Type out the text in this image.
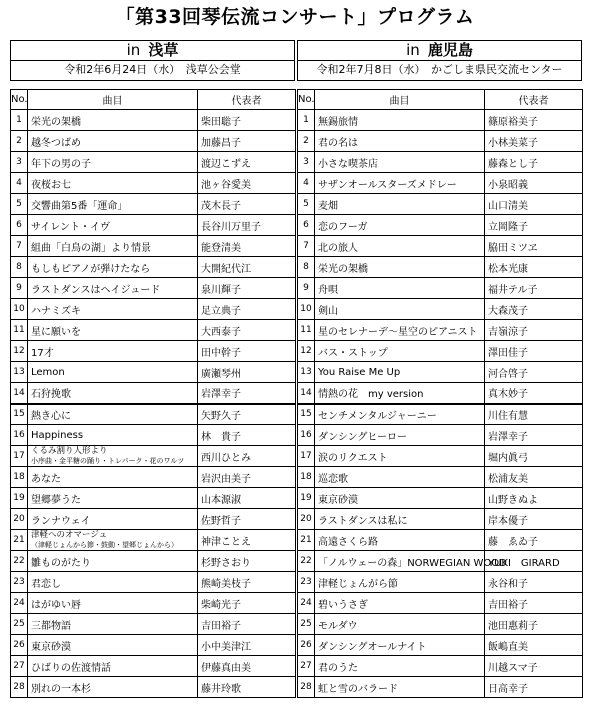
「第33回琴伝流コンサート」プログラム
in 浅草
令和2年6月24日（水）　浅草公会堂
No.	曲目	代表者
1	栄光の架橋	柴田聡子
2	越冬つばめ	加藤昌子
3	年下の男の子	渡辺こずえ
4	夜桜お七	池ヶ谷愛美
5	交響曲第5番「運命」	茂木長子
6	サイレント・イヴ	長谷川万里子
7	組曲「白鳥の湖」より情景	能登清美
8	もしもピアノが弾けたなら	大開紀代江
9	ラストダンスはヘイジュード	泉川輝子
10	ハナミズキ	足立典子
11	星に願いを	大西泰子
12	17才	田中幹子
13	Lemon	廣瀬琴州
14	石狩挽歌	岩澤幸子
15	熱き心に	矢野久子
16	Happiness	林　貴子
17	くるみ割り人形より
小序曲・金平糖の踊り・トレパーク・花のワルツ	西川ひとみ
18	あなた	岩沢由美子
19	望郷夢うた	山本源淑
20	ランナウェイ	佐野哲子
21	津軽へのオマージュ
（津軽じょんから節・鼓動・望郷じょんから）	神津ことえ
22	雛ものがたり	杉野さおり
23	君恋し	熊崎美枝子
24	はがゆい唇	柴崎光子
25	三都物語	吉田裕子
26	東京砂漠	小中美津江
27	ひばりの佐渡情話	伊藤真由美
28	別れの一本杉	藤井玲歌
in 鹿児島
令和2年7月8日（水）　かごしま県民交流センター
No.	曲目	代表者
1	無錫旅情	篠原裕美子
2	君の名は	小林美菜子
3	小さな喫茶店	藤森とし子
4	サザンオールスターズメドレー	小泉昭義
5	麦畑	山口清美
6	恋のフーガ	立岡隆子
7	北の旅人	脇田ミツヱ
8	栄光の架橋	松本光康
9	舟唄	福井テル子
10	剣山	大森茂子
11	星のセレナーデ～星空のピアニスト	吉嶺涼子
12	バス・ストップ	澤田佳子
13	You Raise Me Up	河合啓子
14	情熱の花　my version	真木妙子
15	センチメンタルジャーニー	川住有慧
16	ダンシングヒーロー	岩澤幸子
17	涙のリクエスト	堀内眞弓
18	巡恋歌	松浦友美
19	東京砂漠	山野きぬよ
20	ラストダンスは私に	岸本優子
21	高遠さくら路	藤　ゑゐ子
22	「ノルウェーの森」NORWEGIAN WOOD	YUKI　GIRARD
23	津軽じょんがら節	永谷和子
24	碧いうさぎ	吉田裕子
25	モルダウ	池田惠莉子
26	ダンシングオールナイト	飯嶋直美
27	君のうた	川越スマ子
28	虹と雪のバラード	日高幸子
